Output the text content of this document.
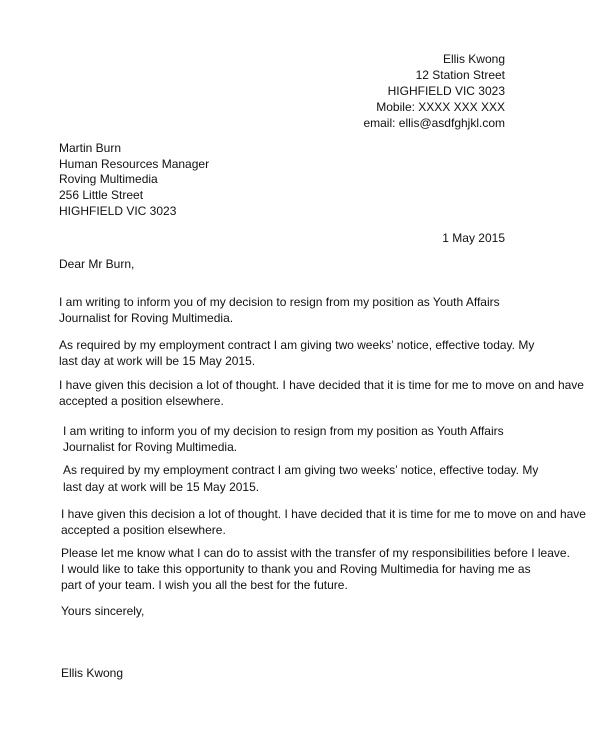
Ellis Kwong

12 Station Street

HIGHFIELD VIC 3023

Mobile: XXXX XXX XXX

email: ellis@asdfghjkl.com

Martin Burn

Human Resources Manager

Roving Multimedia

256 Little Street

HIGHFIELD VIC 3023

1 May 2015

Dear Mr Burn,

I am writing to inform you of my decision to resign from my position as Youth Affairs

Journalist for Roving Multimedia.

As required by my employment contract I am giving two weeks’ notice, effective today. My

last day at work will be 15 May 2015.

I have given this decision a lot of thought. I have decided that it is time for me to move on and have

accepted a position elsewhere.

I am writing to inform you of my decision to resign from my position as Youth Affairs

Journalist for Roving Multimedia.

As required by my employment contract I am giving two weeks’ notice, effective today. My

last day at work will be 15 May 2015.

I have given this decision a lot of thought. I have decided that it is time for me to move on and have

accepted a position elsewhere.

Please let me know what I can do to assist with the transfer of my responsibilities before I leave.

I would like to take this opportunity to thank you and Roving Multimedia for having me as

part of your team. I wish you all the best for the future.

Yours sincerely,

Ellis Kwong
